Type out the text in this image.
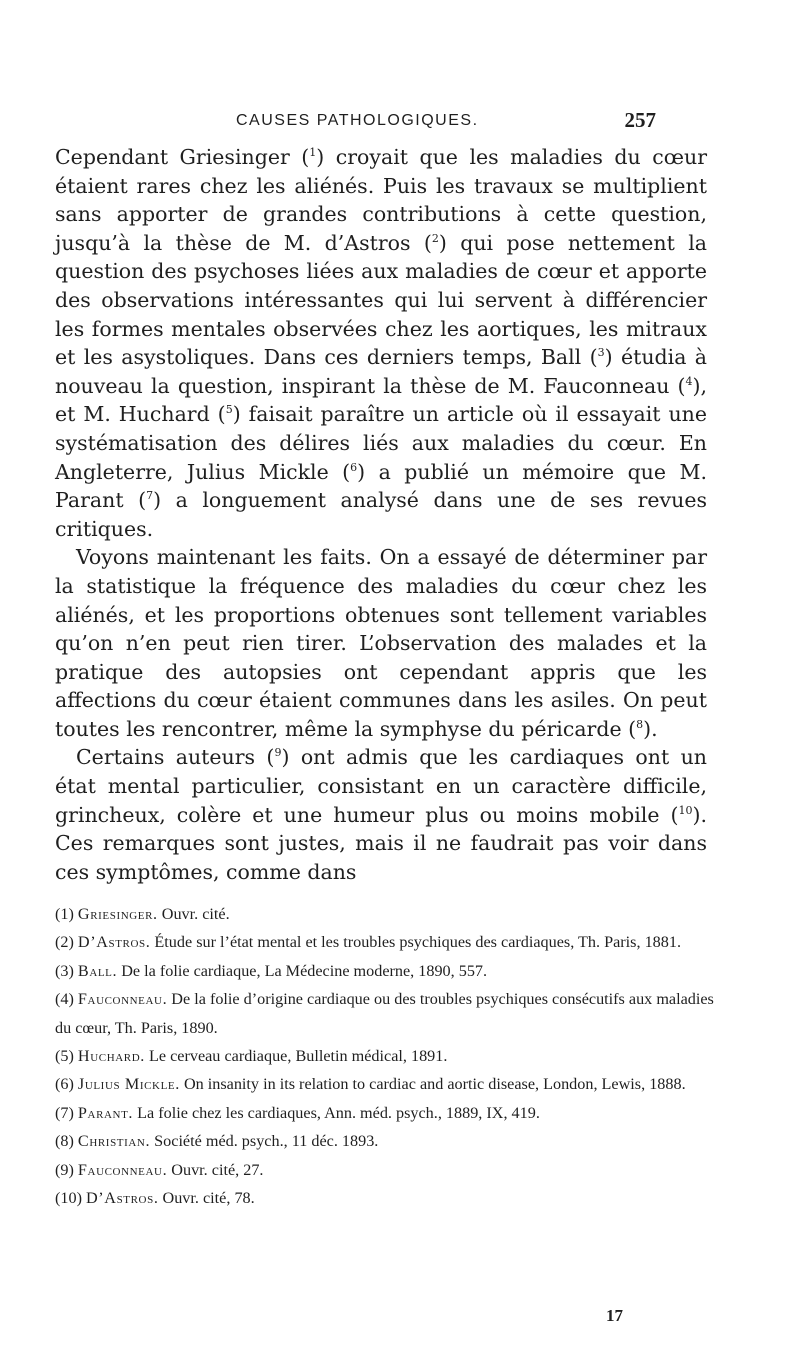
CAUSES PATHOLOGIQUES.	257

Cependant Griesinger ($^1$) croyait que les maladies du cœur étaient rares chez les aliénés. Puis les travaux se multiplient sans apporter de grandes contributions à cette question, jusqu’à la thèse de M. d’Astros ($^2$) qui pose nettement la question des psychoses liées aux maladies de cœur et apporte des observations intéressantes qui lui servent à différencier les formes mentales observées chez les aortiques, les mitraux et les asystoliques. Dans ces derniers temps, Ball ($^3$) étudia à nouveau la question, inspirant la thèse de M. Fauconneau ($^4$), et M. Huchard ($^5$) faisait paraître un article où il essayait une systématisation des délires liés aux maladies du cœur. En Angleterre, Julius Mickle ($^6$) a publié un mémoire que M. Parant ($^7$) a longuement analysé dans une de ses revues critiques.

Voyons maintenant les faits. On a essayé de déterminer par la statistique la fréquence des maladies du cœur chez les aliénés, et les proportions obtenues sont tellement variables qu’on n’en peut rien tirer. L’observation des malades et la pratique des autopsies ont cependant appris que les affections du cœur étaient communes dans les asiles. On peut toutes les rencontrer, même la symphyse du péricarde ($^8$).

Certains auteurs ($^9$) ont admis que les cardiaques ont un état mental particulier, consistant en un caractère difficile, grincheux, colère et une humeur plus ou moins mobile ($^{10}$). Ces remarques sont justes, mais il ne faudrait pas voir dans ces symptômes, comme dans

(1) Griesinger. Ouvr. cité.

(2) D’Astros. Étude sur l’état mental et les troubles psychiques des cardiaques, Th. Paris, 1881.

(3) Ball. De la folie cardiaque, La Médecine moderne, 1890, 557.

(4) Fauconneau. De la folie d’origine cardiaque ou des troubles psychiques consécutifs aux maladies du cœur, Th. Paris, 1890.

(5) Huchard. Le cerveau cardiaque, Bulletin médical, 1891.

(6) Julius Mickle. On insanity in its relation to cardiac and aortic disease, London, Lewis, 1888.

(7) Parant. La folie chez les cardiaques, Ann. méd. psych., 1889, IX, 419.

(8) Christian. Société méd. psych., 11 déc. 1893.

(9) Fauconneau. Ouvr. cité, 27.

(10) D’Astros. Ouvr. cité, 78.

17
